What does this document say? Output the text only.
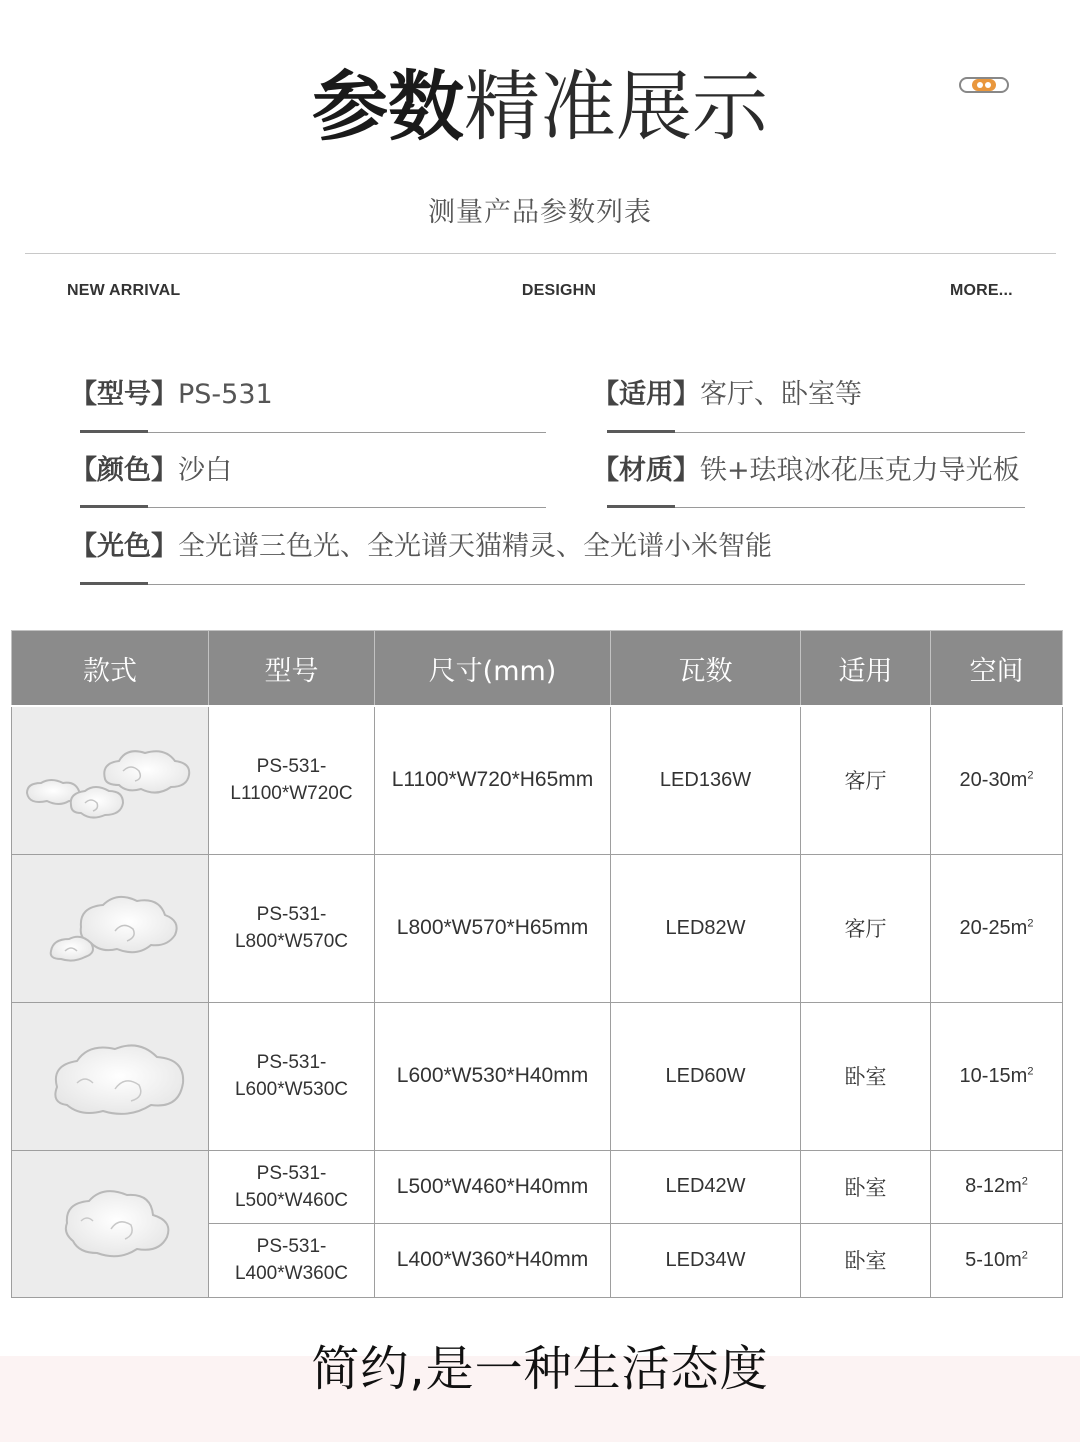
参数精准展示
测量产品参数列表
NEW ARRIVAL	DESIGHN	MORE...
【型号】PS-531	【适用】客厅、卧室等
【颜色】沙白	【材质】铁+珐琅冰花压克力导光板
【光色】全光谱三色光、全光谱天猫精灵、全光谱小米智能
款式	型号	尺寸(mm)	瓦数	适用	空间

PS-531-
L1100*W720C	L1100*W720*H65mm	LED136W	客厅	$20-30m^2$

PS-531-
L800*W570C	L800*W570*H65mm	LED82W	客厅	$20-25m^2$

PS-531-
L600*W530C	L600*W530*H40mm	LED60W	卧室	$10-15m^2$

PS-531-
L500*W460C	L500*W460*H40mm	LED42W	卧室	$8-12m^2$

	PS-531-
L400*W360C	L400*W360*H40mm	LED34W	卧室	$5-10m^2$
简约,是一种生活态度
